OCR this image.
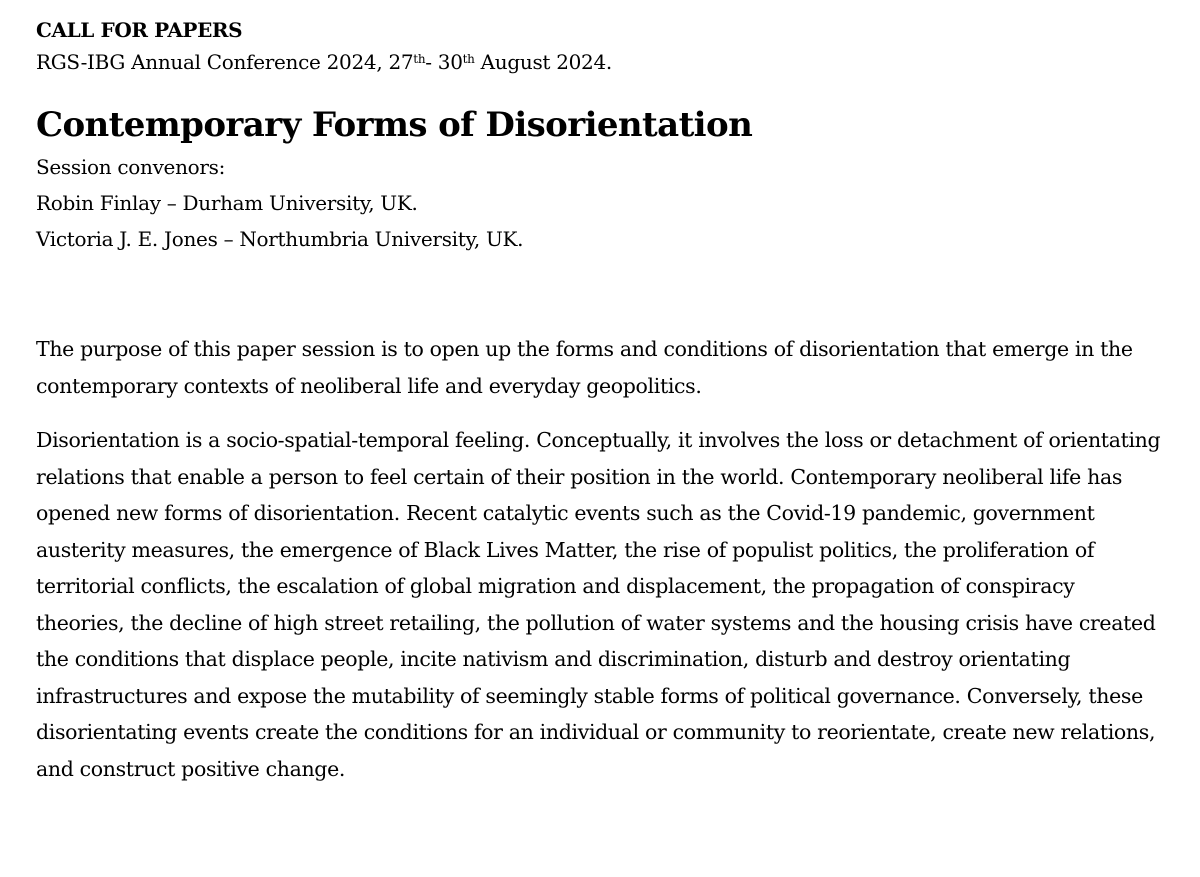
CALL FOR PAPERS
RGS-IBG Annual Conference 2024, 27th- 30th August 2024.
Contemporary Forms of Disorientation
Session convenors:
Robin Finlay – Durham University, UK.
Victoria J. E. Jones – Northumbria University, UK.
The purpose of this paper session is to open up the forms and conditions of disorientation that emerge in the contemporary contexts of neoliberal life and everyday geopolitics.
Disorientation is a socio-spatial-temporal feeling. Conceptually, it involves the loss or detachment of orientating relations that enable a person to feel certain of their position in the world. Contemporary neoliberal life has opened new forms of disorientation. Recent catalytic events such as the Covid-19 pandemic, government austerity measures, the emergence of Black Lives Matter, the rise of populist politics, the proliferation of territorial conflicts, the escalation of global migration and displacement, the propagation of conspiracy theories, the decline of high street retailing, the pollution of water systems and the housing crisis have created the conditions that displace people, incite nativism and discrimination, disturb and destroy orientating infrastructures and expose the mutability of seemingly stable forms of political governance. Conversely, these disorientating events create the conditions for an individual or community to reorientate, create new relations, and construct positive change.
